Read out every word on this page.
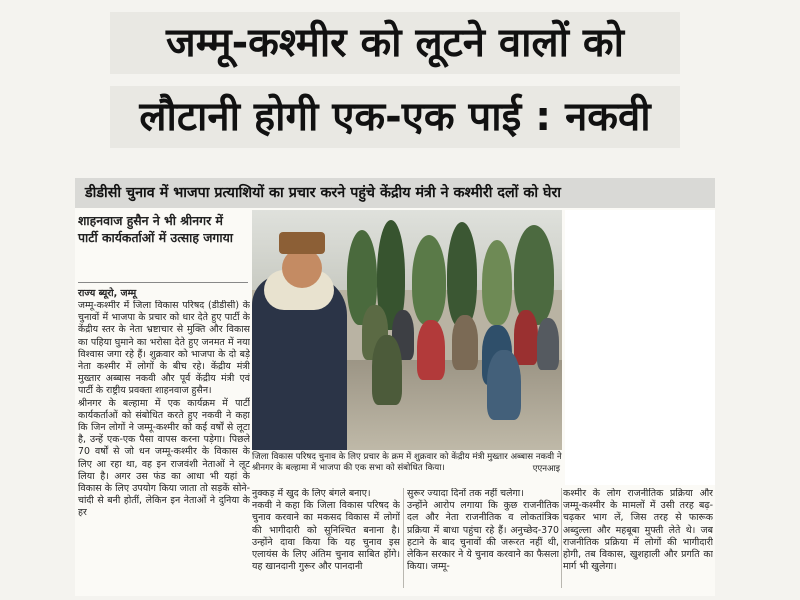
जम्मू-कश्मीर को लूटने वालों को
लौटानी होगी एक-एक पाई : नकवी
डीडीसी चुनाव में भाजपा प्रत्याशियों का प्रचार करने पहुंचे केंद्रीय मंत्री ने कश्मीरी दलों को घेरा
शाहनवाज हुसैन ने भी श्रीनगर में पार्टी कार्यकर्ताओं में उत्साह जगाया
राज्य ब्यूरो, जम्मू
जिला विकास परिषद चुनाव के लिए प्रचार के क्रम में शुक्रवार को केंद्रीय मंत्री मुख्तार अब्बास नकवी ने श्रीनगर के बल्हामा में भाजपा की एक सभा को संबोधित किया।	एएनआइ

जम्मू-कश्मीर में जिला विकास परिषद (डीडीसी) के चुनावों में भाजपा के प्रचार को धार देते हुए पार्टी के केंद्रीय स्तर के नेता भ्रष्टाचार से मुक्ति और विकास का पहिया घुमाने का भरोसा देते हुए जनमत में नया विश्वास जगा रहे हैं। शुक्रवार को भाजपा के दो बड़े नेता कश्मीर में लोगों के बीच रहे। केंद्रीय मंत्री मुख्तार अब्बास नकवी और पूर्व केंद्रीय मंत्री एवं पार्टी के राष्ट्रीय प्रवक्ता शाहनवाज हुसैन।

श्रीनगर के बल्हामा में एक कार्यक्रम में पार्टी कार्यकर्ताओं को संबोधित करते हुए नकवी ने कहा कि जिन लोगों ने जम्मू-कश्मीर को कई वर्षों से लूटा है, उन्हें एक-एक पैसा वापस करना पड़ेगा। पिछले 70 वर्षों से जो धन जम्मू-कश्मीर के विकास के लिए आ रहा था, वह इन राजवंशी नेताओं ने लूट लिया है। अगर उस फंड का आधा भी यहां के विकास के लिए उपयोग किया जाता तो सड़कें सोने-चांदी से बनी होतीं, लेकिन इन नेताओं ने दुनिया के हर

नुक्कड़ में खुद के लिए बंगले बनाए।

नकवी ने कहा कि जिला विकास परिषद के चुनाव करवाने का मकसद विकास में लोगों की भागीदारी को सुनिश्चित बनाना है। उन्होंने दावा किया कि यह चुनाव इस एलायंस के लिए अंतिम चुनाव साबित होंगे। यह खानदानी गुरूर और पानदानी

सुरूर ज्यादा दिनों तक नहीं चलेगा।

उन्होंने आरोप लगाया कि कुछ राजनीतिक दल और नेता राजनीतिक व लोकतांत्रिक प्रक्रिया में बाधा पहुंचा रहे हैं। अनुच्छेद-370 हटाने के बाद चुनावों की जरूरत नहीं थी, लेकिन सरकार ने ये चुनाव करवाने का फैसला किया। जम्मू-

कश्मीर के लोग राजनीतिक प्रक्रिया और जम्मू-कश्मीर के मामलों में उसी तरह बढ़-चढ़कर भाग लें, जिस तरह से फारूक अब्दुल्ला और महबूबा मुफ्ती लेते थे। जब राजनीतिक प्रक्रिया में लोगों की भागीदारी होगी, तब विकास, खुशहाली और प्रगति का मार्ग भी खुलेगा।
